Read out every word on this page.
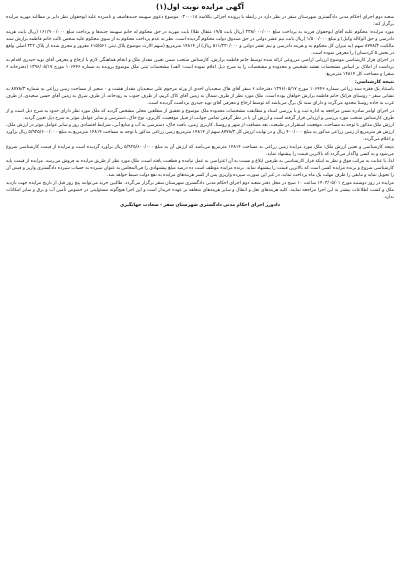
آگهی مزایده نوبت اول(۱)
شعبه دوم اجرای احکام مدنی دادگستری شهرستان سقز در نظر دارد در رابطه با پرونده اجرائی بکلاسه ۰۳۰۰۰۱۸ موضوع دعوی سهیمه جنبه‌هاشف و نامبرده علیه ابوحفوان نظر دایر بر مطالبه مهریه مزایده برگزار کند:
مورد مزایده: محکوم علیه آقای ابوحفوان فرزند به پرداخت مبلغ ۲۳۸/۰۰۰/۰۰۰ (ریال بابت ۱۹/۵ مثقال طلا) بابت مهریه در حق محکوم له خانم سهیمه جنبه‌ها و پرداخت مبلغ ۱۶۱/۹۰۰/۰۰۰ (ریال بابت هزینه دادرسی و حق الوکاله وکیل) و مبلغ ۱/۵۰۰/۰۰۰ (ریال بابت نیم عشر دولتی در حق صندوق دولت محکوم گردیده است. نظر به عدم پرداخت محکوم به از سوی محکوم علیه شخص ثالث خانم فاطمه بزارش سند مالکیت ۸۷۷۸/۳ سهم (به میزان کل محکوم به و هزینه دادرسی و نیم عشر دولتی و ۵۱۱/۲۳۰/۰۰۰ ریال) از ۱۴۸۱۴ مترمربع (سهم الارث موضوع پلاک ثبتی ۶۱۵/۵۶۱ مفروز و مجزی شده از پلاک ۳۲۲ اصلی واقع در بخش ۵ کردستان) را معرفی نموده است.
در اجرای قرار کارشناسی موضوع ارزیابی اراضی مزروعی ارائه شده توسط خانم فاطمه بزارش، کارشناس منتخب ضمن تعیین مقدار ملک و انجام هماهنگی لازم با ارجاع و معرفی آقای نوید حیدری اقدام به برداشت از املاک بر اساس مشخصات نقشه تشخیص و محدوده و مشخصات را به شرح ذیل اعلام نموده است: الف) مشخصات ثبتی ملک موضوع پرونده به شماره ۱۰۶۴۴۶ مورخ ۱۳۹۶/۰۵/۱۷ (دفترخانه ۶ سقز) و مساحت کل ۱۴۸۱۴ مترمربع.
نتیجه کارشناسی:
باستناد یک فقره سند زراعی شماره ۱۰۶۴۴۶ مورخ ۱۳۹۶/۰۵/۱۷ دفترخانه ۶ سقز آقای هاک سعیدیان احدی از ورثه مرحوم علی سعیدیان مقدار هشت و ۰ شعیر از مساحت زمین زراعی به شماره ۸۷۷۸/۳ به نشانی سقز - روستای فرانک خانم فاطمه بزارش خواهان بوده است. ملک مورد نظر از طرف شمال به زمین آقای کاک کریم، از طرف جنوب به رودخانه، از طرف شرق به زمین آقای حسن سعیدی، از طرف غرب به جاده روستا محدود می‌گردد و دارای سند تک برگ می‌باشد که توسط ارجاع و معرفی آقای نوید حیدری برداشت گردیده است.
در اجرای اوامر صادره ضمن مراجعه به اداره ثبت و با بررسی اسناد و مطابقت مشخصات محدوده ملک موضوع و تحقیق از مطلعین محلی مشخص گردید که ملک مورد نظر دارای حدود به شرح ذیل است و از طرف کارشناس منتخب مورد بررسی و ارزیابی قرار گرفته است و ارزش آن با در نظر گرفتن تمامی جوانب از قبیل موقعیت، کاربری، نوع خاک، دسترسی و سایر عوامل موثر به شرح ذیل تعیین گردید.
ارزش ملک مذکور با توجه به مساحت، موقعیت استقرار در طبیعت، بعد مسافت از شهر و روستا، کاربری زمین، بافت خاک، دسترسی به آب و منابع آبی، شرایط اقتصادی روز و سایر عوامل موثر در ارزش ملک، ارزش هر مترمربع از زمین زراعی مذکور به مبلغ ۴۰۰/۰۰۰ ریال و در نهایت ارزش کل ۸۷۷۸/۳ سهم از ۱۴۸۱۴ مترمربع زمین زراعی مذکور با توجه به مساحت ۱۴۸۱۴ مترمربع به مبلغ ۵/۹۲۵/۶۰۰/۰۰۰ ریال برآورد و اعلام می‌گردد.
نتیجه کارشناسی و تعیین ارزش ملک: ملک مورد مزایده زمین زراعی به مساحت ۱۴۸۱۴ مترمربع می‌باشد که ارزش آن به مبلغ ۵/۹۲۵/۶۰۰/۰۰۰ ریال برآورد گردیده است و مزایده از قیمت کارشناسی شروع می‌شود و به کسی واگذار می‌گردد که بالاترین قیمت را پیشنهاد نماید.
لذا، با عنایت به مراتب فوق و نظر به اینکه قرار کارشناسی به طرفین ابلاغ و نسبت به آن اعتراضی به عمل نیامده و قطعیت یافته است، ملک مورد نظر از طریق مزایده به فروش می‌رسد. مزایده از قیمت پایه کارشناسی شروع و برنده مزایده کسی است که بالاترین قیمت را پیشنهاد نماید. برنده مزایده موظف است ده درصد مبلغ پیشنهادی را فی‌المجلس به عنوان سپرده به حساب سپرده دادگستری واریز و فیش آن را تحویل نماید و مابقی را ظرف مهلت یک ماه پرداخت نماید، در غیر این صورت سپرده واریزی پس از کسر هزینه‌های مزایده به نفع دولت ضبط خواهد شد.
مزایده در روز دوشنبه مورخ ۱۴۰۳/۰۵/۰۱ ساعت ۱۰ صبح در محل دفتر شعبه دوم اجرای احکام مدنی دادگستری شهرستان سقز برگزار می‌گردد. طالبین خرید می‌توانند پنج روز قبل از تاریخ مزایده جهت بازدید ملک و کسب اطلاعات بیشتر به این اجرا مراجعه نمایند. کلیه هزینه‌های نقل و انتقال و سایر هزینه‌های متعلقه بر عهده خریدار است و این اجرا هیچ‌گونه مسئولیتی در خصوص تأمین آب و برق و سایر امکانات ندارد.
دادورز اجرای احکام مدنی دادگستری شهرستان سقز - سعادت جهانگیری
